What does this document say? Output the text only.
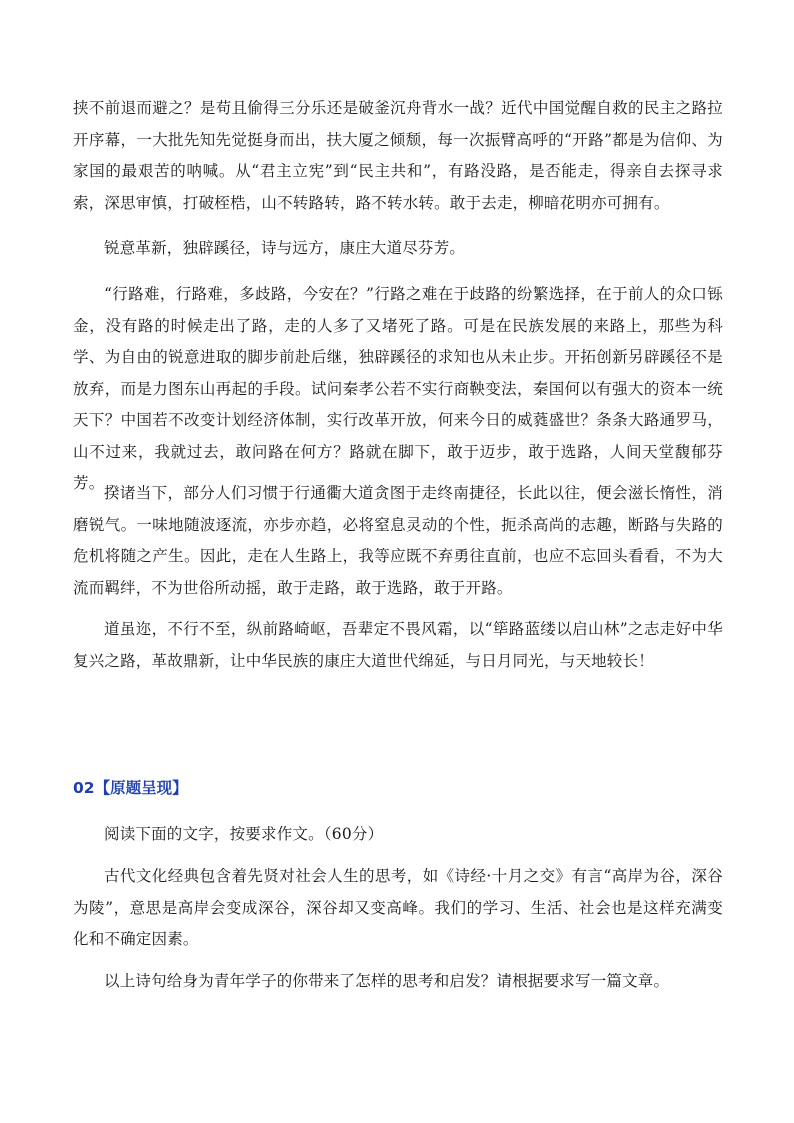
挟不前退而避之？是苟且偷得三分乐还是破釜沉舟背水一战？近代中国觉醒自救的民主之路拉开序幕，一大批先知先觉挺身而出，扶大厦之倾颓，每一次振臂高呼的“开路”都是为信仰、为家国的最艰苦的呐喊。从“君主立宪”到“民主共和”，有路没路，是否能走，得亲自去探寻求索，深思审慎，打破桎梏，山不转路转，路不转水转。敢于去走，柳暗花明亦可拥有。

锐意革新，独辟蹊径，诗与远方，康庄大道尽芬芳。

“行路难，行路难，多歧路，今安在？”行路之难在于歧路的纷繁选择，在于前人的众口铄金，没有路的时候走出了路，走的人多了又堵死了路。可是在民族发展的来路上，那些为科学、为自由的锐意进取的脚步前赴后继，独辟蹊径的求知也从未止步。开拓创新另辟蹊径不是放弃，而是力图东山再起的手段。试问秦孝公若不实行商鞅变法，秦国何以有强大的资本一统天下？中国若不改变计划经济体制，实行改革开放，何来今日的威蕤盛世？条条大路通罗马，山不过来，我就过去，敢问路在何方？路就在脚下，敢于迈步，敢于选路，人间天堂馥郁芬芳。

揆诸当下，部分人们习惯于行通衢大道贪图于走终南捷径，长此以往，便会滋长惰性，消磨锐气。一味地随波逐流，亦步亦趋，必将窒息灵动的个性，扼杀高尚的志趣，断路与失路的危机将随之产生。因此，走在人生路上，我等应既不弃勇往直前，也应不忘回头看看，不为大流而羁绊，不为世俗所动摇，敢于走路，敢于选路，敢于开路。

道虽迩，不行不至，纵前路崎岖，吾辈定不畏风霜，以“筚路蓝缕以启山林”之志走好中华复兴之路，革故鼎新，让中华民族的康庄大道世代绵延，与日月同光，与天地较长！

02【原题呈现】

阅读下面的文字，按要求作文。（60分）

古代文化经典包含着先贤对社会人生的思考，如《诗经·十月之交》有言“高岸为谷，深谷为陵”，意思是高岸会变成深谷，深谷却又变高峰。我们的学习、生活、社会也是这样充满变化和不确定因素。

以上诗句给身为青年学子的你带来了怎样的思考和启发？请根据要求写一篇文章。
